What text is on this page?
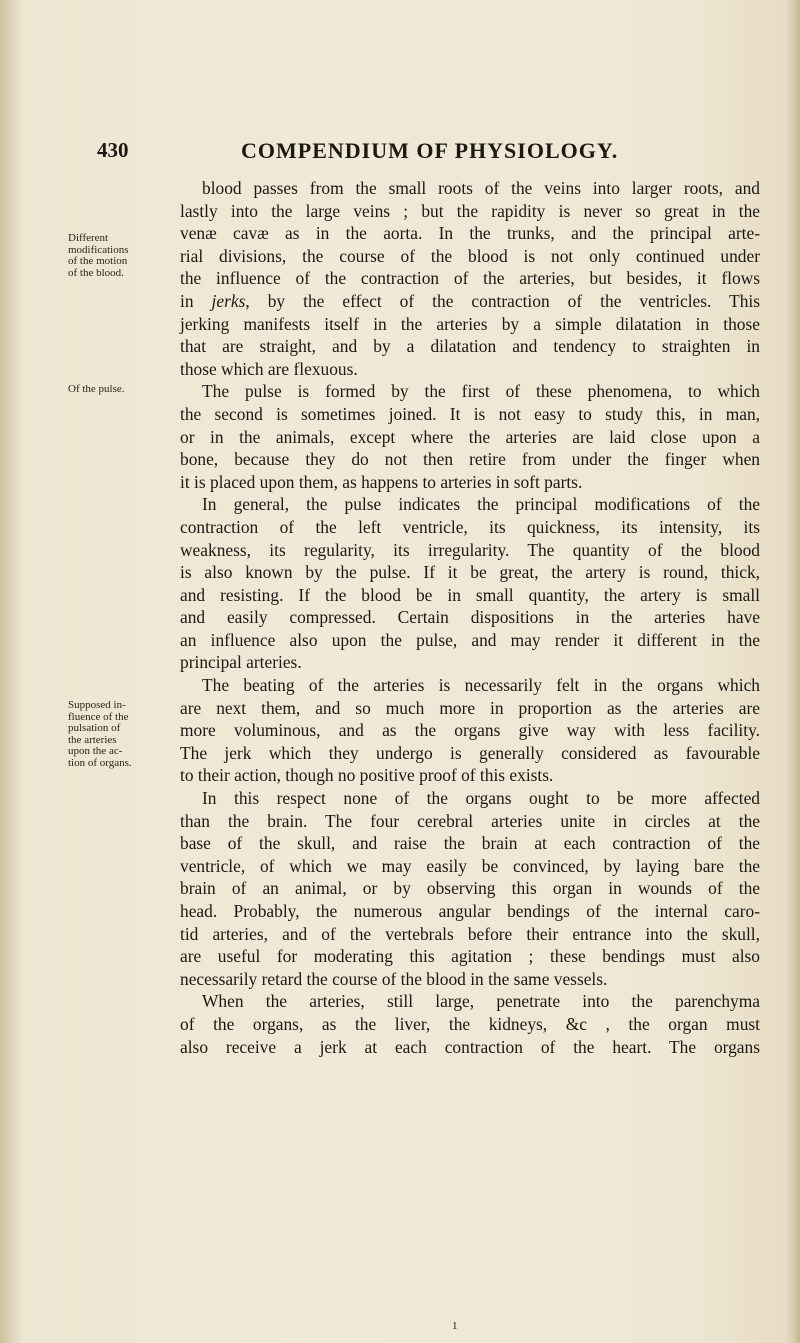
430	COMPENDIUM OF PHYSIOLOGY.
Different
modifications
of the motion
of the blood.
Of the pulse.
Supposed in-
fluence of the
pulsation of
the arteries
upon the ac-
tion of organs.
blood passes from the small roots of the veins into larger roots, and
lastly into the large veins ; but the rapidity is never so great in the
venæ cavæ as in the aorta. In the trunks, and the principal arte-
rial divisions, the course of the blood is not only continued under
the influence of the contraction of the arteries, but besides, it flows
in jerks, by the effect of the contraction of the ventricles. This
jerking manifests itself in the arteries by a simple dilatation in those
that are straight, and by a dilatation and tendency to straighten in
those which are flexuous.
The pulse is formed by the first of these phenomena, to which
the second is sometimes joined. It is not easy to study this, in man,
or in the animals, except where the arteries are laid close upon a
bone, because they do not then retire from under the finger when
it is placed upon them, as happens to arteries in soft parts.
In general, the pulse indicates the principal modifications of the
contraction of the left ventricle, its quickness, its intensity, its
weakness, its regularity, its irregularity. The quantity of the blood
is also known by the pulse. If it be great, the artery is round, thick,
and resisting. If the blood be in small quantity, the artery is small
and easily compressed. Certain dispositions in the arteries have
an influence also upon the pulse, and may render it different in the
principal arteries.
The beating of the arteries is necessarily felt in the organs which
are next them, and so much more in proportion as the arteries are
more voluminous, and as the organs give way with less facility.
The jerk which they undergo is generally considered as favourable
to their action, though no positive proof of this exists.
In this respect none of the organs ought to be more affected
than the brain. The four cerebral arteries unite in circles at the
base of the skull, and raise the brain at each contraction of the
ventricle, of which we may easily be convinced, by laying bare the
brain of an animal, or by observing this organ in wounds of the
head. Probably, the numerous angular bendings of the internal caro-
tid arteries, and of the vertebrals before their entrance into the skull,
are useful for moderating this agitation ; these bendings must also
necessarily retard the course of the blood in the same vessels.
When the arteries, still large, penetrate into the parenchyma
of the organs, as the liver, the kidneys, &c , the organ must
also receive a jerk at each contraction of the heart. The organs
1
